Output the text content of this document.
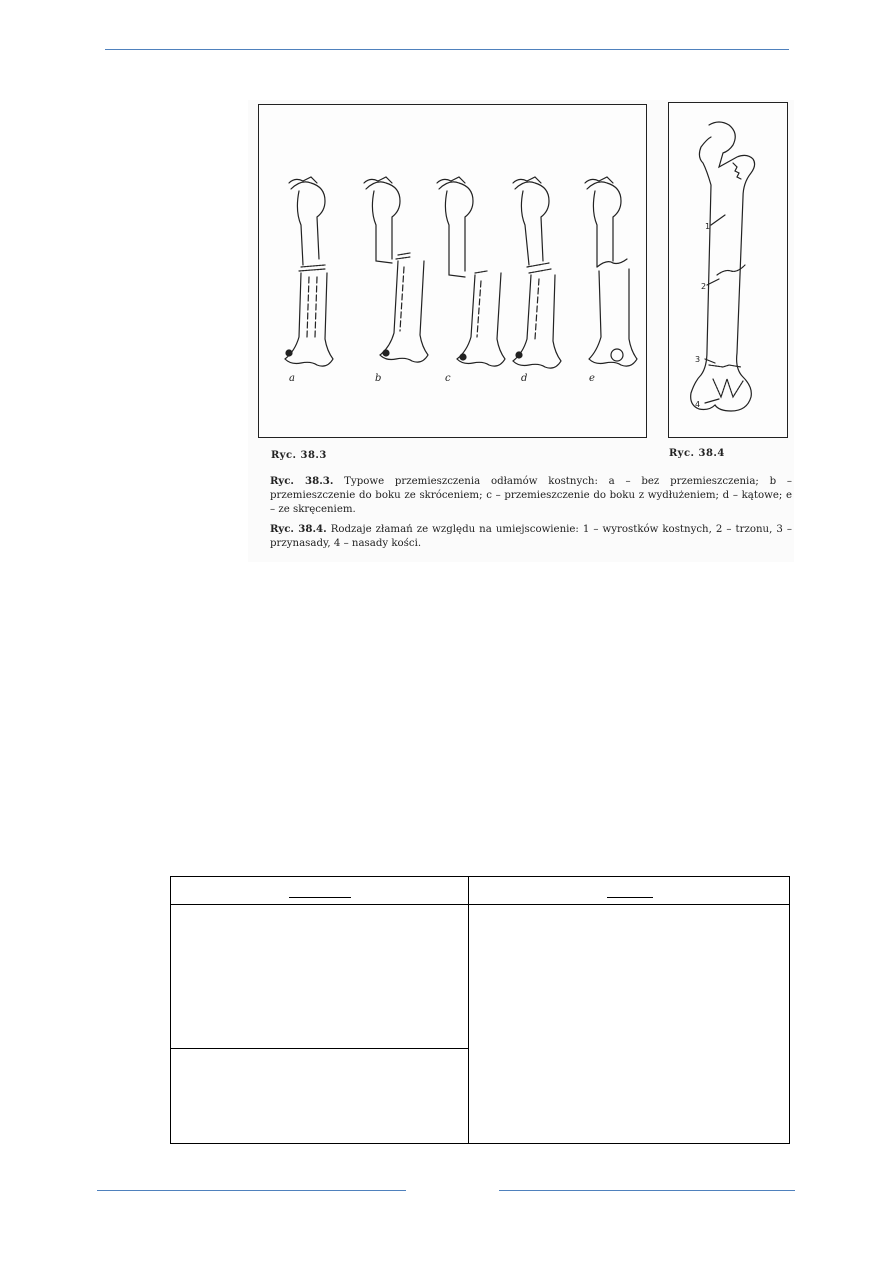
a	b	c	d	e
1
2
3
4
Ryc. 38.3	Ryc. 38.4
Ryc. 38.3. Typowe przemieszczenia odłamów kostnych: a – bez przemieszczenia; b – przemieszczenie do boku ze skróceniem; c – przemieszczenie do boku z wydłużeniem; d – kątowe; e – ze skręceniem.
Ryc. 38.4. Rodzaje złamań ze względu na umiejscowienie: 1 – wyrostków kostnych, 2 – trzonu, 3 – przynasady, 4 – nasady kości.
